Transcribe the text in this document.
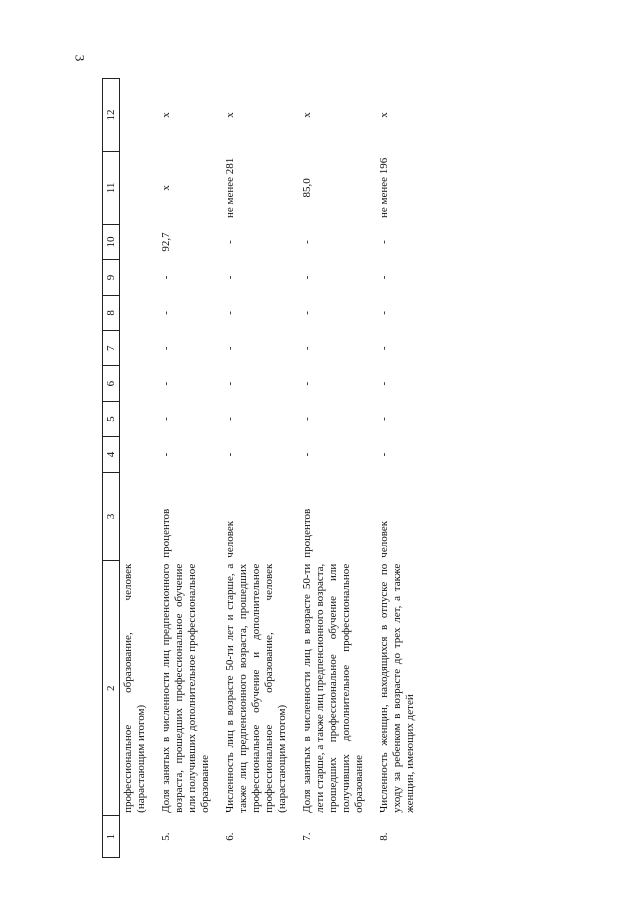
3
1	2	3	4	5	6	7	8	9	10	11	12
	профессиональное образование, человек (нарастающим итогом)										
5.	Доля занятых в численности лиц предпенсионного возраста, прошедших профессиональное обучение или получивших дополнительное профессиональное образование	процентов	-	-	-	-	-	-	92,7	х	х
6.	Численность лиц в возрасте 50-ти лет и старше, а также лиц предпенсионного возраста, прошедших профессиональное обучение и дополнительное профессиональное образование, человек (нарастающим итогом)	человек	-	-	-	-	-	-	-	не менее 281	х
7.	Доля занятых в численности лиц в возрасте 50-ти лети старше, а также лиц предпенсионного возраста, прошедших профессиональное обучение или получивших дополнительное профессиональное образование	процентов	-	-	-	-	-	-	-	85,0	х
8.	Численность женщин, находящихся в отпуске по уходу за ребенком в возрасте до трех лет, а также женщин, имеющих детей	человек	-	-	-	-	-	-	-	не менее 196	х
